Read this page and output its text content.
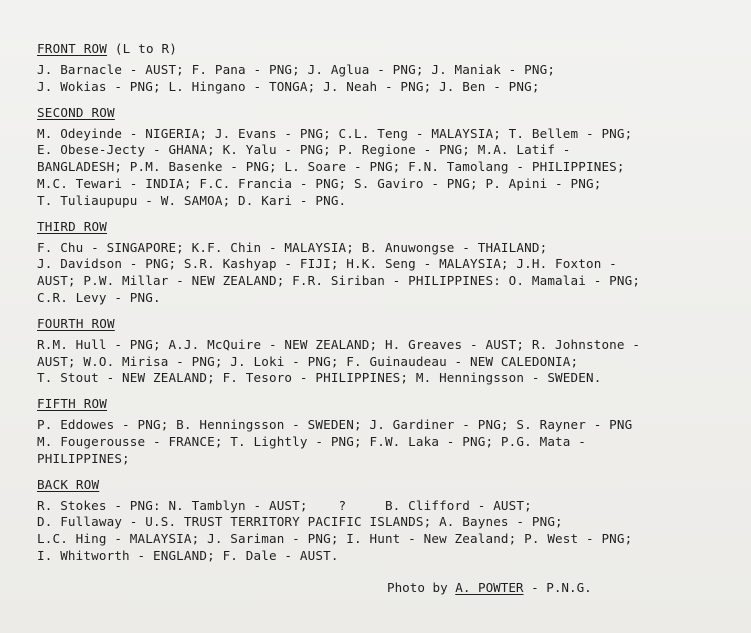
FRONT ROW (L to R)
J. Barnacle - AUST; F. Pana - PNG; J. Aglua - PNG; J. Maniak - PNG;
J. Wokias - PNG; L. Hingano - TONGA; J. Neah - PNG; J. Ben - PNG;
SECOND ROW
M. Odeyinde - NIGERIA; J. Evans - PNG; C.L. Teng - MALAYSIA; T. Bellem - PNG;
E. Obese-Jecty - GHANA; K. Yalu - PNG; P. Regione - PNG; M.A. Latif -
BANGLADESH; P.M. Basenke - PNG; L. Soare - PNG; F.N. Tamolang - PHILIPPINES;
M.C. Tewari - INDIA; F.C. Francia - PNG; S. Gaviro - PNG; P. Apini - PNG;
T. Tuliaupupu - W. SAMOA; D. Kari - PNG.
THIRD ROW
F. Chu - SINGAPORE; K.F. Chin - MALAYSIA; B. Anuwongse - THAILAND;
J. Davidson - PNG; S.R. Kashyap - FIJI; H.K. Seng - MALAYSIA; J.H. Foxton -
AUST; P.W. Millar - NEW ZEALAND; F.R. Siriban - PHILIPPINES: O. Mamalai - PNG;
C.R. Levy - PNG.
FOURTH ROW
R.M. Hull - PNG; A.J. McQuire - NEW ZEALAND; H. Greaves - AUST; R. Johnstone -
AUST; W.O. Mirisa - PNG; J. Loki - PNG; F. Guinaudeau - NEW CALEDONIA;
T. Stout - NEW ZEALAND; F. Tesoro - PHILIPPINES; M. Henningsson - SWEDEN.
FIFTH ROW
P. Eddowes - PNG; B. Henningsson - SWEDEN; J. Gardiner - PNG; S. Rayner - PNG
M. Fougerousse - FRANCE; T. Lightly - PNG; F.W. Laka - PNG; P.G. Mata -
PHILIPPINES;
BACK ROW
R. Stokes - PNG: N. Tamblyn - AUST;    ?     B. Clifford - AUST;
D. Fullaway - U.S. TRUST TERRITORY PACIFIC ISLANDS; A. Baynes - PNG;
L.C. Hing - MALAYSIA; J. Sariman - PNG; I. Hunt - New Zealand; P. West - PNG;
I. Whitworth - ENGLAND; F. Dale - AUST.
Photo by A. POWTER - P.N.G.
